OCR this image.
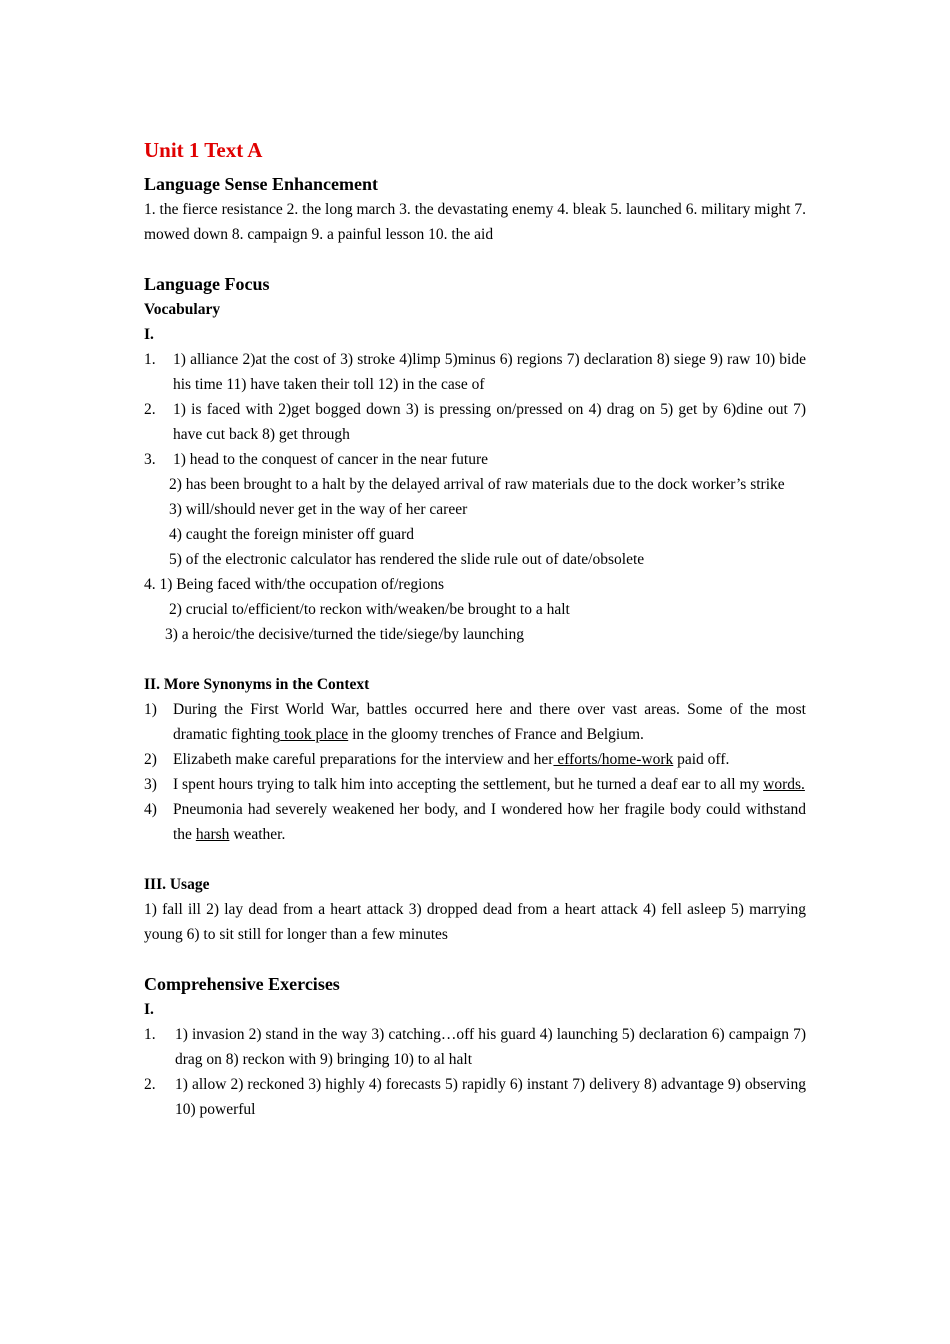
Unit 1 Text A
Language Sense Enhancement

1. the fierce resistance 2. the long march 3. the devastating enemy 4. bleak 5. launched 6. military might 7. mowed down 8. campaign 9. a painful lesson 10. the aid

Language Focus
Vocabulary
I.
1.	1) alliance 2)at the cost of 3) stroke 4)limp 5)minus 6) regions 7) declaration 8) siege 9) raw 10) bide his time 11) have taken their toll 12) in the case of
2.	1) is faced with 2)get bogged down 3) is pressing on/pressed on 4) drag on 5) get by 6)dine out 7) have cut back 8) get through
3.	1) head to the conquest of cancer in the near future
2) has been brought to a halt by the delayed arrival of raw materials due to the dock worker’s strike
3) will/should never get in the way of her career
4) caught the foreign minister off guard
5) of the electronic calculator has rendered the slide rule out of date/obsolete
4. 1) Being faced with/the occupation of/regions
2) crucial to/efficient/to reckon with/weaken/be brought to a halt
3) a heroic/the decisive/turned the tide/siege/by launching
II. More Synonyms in the Context
1)	During the First World War, battles occurred here and there over vast areas. Some of the most dramatic fighting took place in the gloomy trenches of France and Belgium.
2)	Elizabeth make careful preparations for the interview and her efforts/home-work paid off.
3)	I spent hours trying to talk him into accepting the settlement, but he turned a deaf ear to all my words.
4)	Pneumonia had severely weakened her body, and I wondered how her fragile body could withstand the harsh weather.
III. Usage

1) fall ill 2) lay dead from a heart attack 3) dropped dead from a heart attack 4) fell asleep 5) marrying young 6) to sit still for longer than a few minutes

Comprehensive Exercises
I.
1.	1) invasion 2) stand in the way 3) catching…off his guard 4) launching 5) declaration 6) campaign 7) drag on 8) reckon with 9) bringing 10) to al halt
2.	1) allow 2) reckoned 3) highly 4) forecasts 5) rapidly 6) instant 7) delivery 8) advantage 9) observing 10) powerful
